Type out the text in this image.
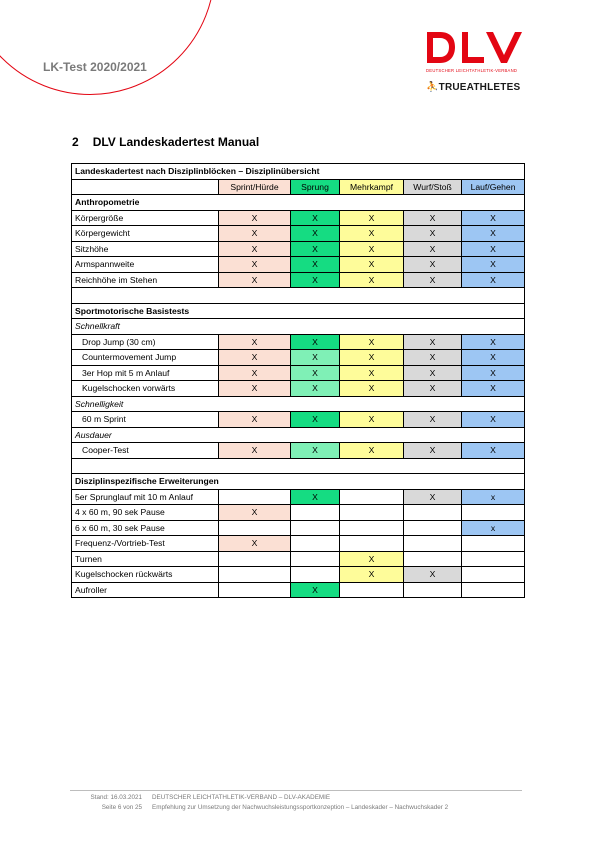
LK-Test 2020/2021	DEUTSCHER LEICHTATHLETIK-VERBAND
⛹TRUEATHLETES
2 DLV Landeskadertest Manual
Landeskadertest nach Disziplinblöcken – Disziplinübersicht					
	Sprint/Hürde	Sprung	Mehrkampf	Wurf/Stoß	Lauf/Gehen
Anthropometrie					
Körpergröße	X	X	X	X	X
Körpergewicht	X	X	X	X	X
Sitzhöhe	X	X	X	X	X
Armspannweite	X	X	X	X	X
Reichhöhe im Stehen	X	X	X	X	X

Sportmotorische Basistests					
Schnellkraft					
Drop Jump (30 cm)	X	X	X	X	X
Countermovement Jump	X	X	X	X	X
3er Hop mit 5 m Anlauf	X	X	X	X	X
Kugelschocken vorwärts	X	X	X	X	X
Schnelligkeit					
60 m Sprint	X	X	X	X	X
Ausdauer					
Cooper-Test	X	X	X	X	X

Disziplinspezifische Erweiterungen					
5er Sprunglauf mit 10 m Anlauf		X		X	x
4 x 60 m, 90 sek Pause	X				
6 x 60 m, 30 sek Pause					x
Frequenz-/Vortrieb-Test	X				
Turnen			X		
Kugelschocken rückwärts			X	X	
Aufroller		X			
Stand: 16.03.2021	DEUTSCHER LEICHTATHLETIK-VERBAND – DLV-AKADEMIE
Seite 6 von 25	Empfehlung zur Umsetzung der Nachwuchsleistungssportkonzeption – Landeskader – Nachwuchskader 2
